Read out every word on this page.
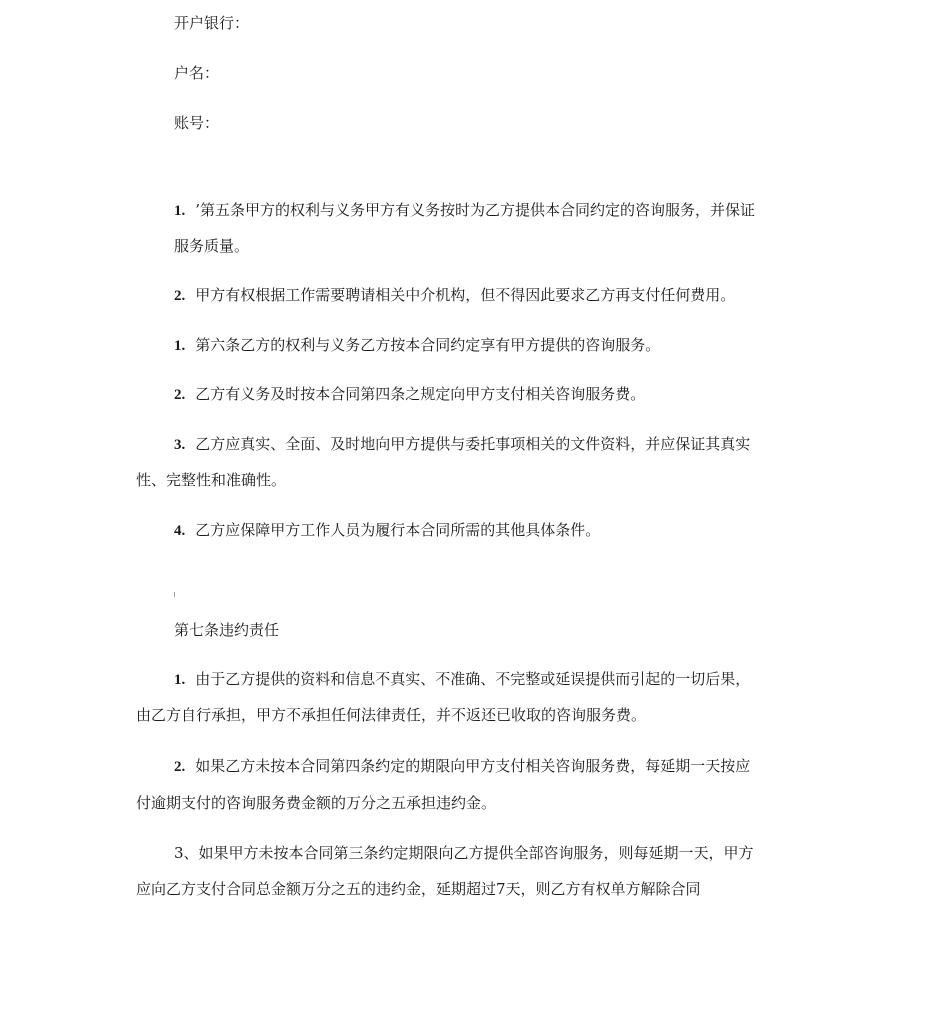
开户银行：
户名：
账号：
1. ’第五条甲方的权利与义务甲方有义务按时为乙方提供本合同约定的咨询服务，并保证
服务质量。
2. 甲方有权根据工作需要聘请相关中介机构，但不得因此要求乙方再支付任何费用。
1. 第六条乙方的权利与义务乙方按本合同约定享有甲方提供的咨询服务。
2. 乙方有义务及时按本合同第四条之规定向甲方支付相关咨询服务费。
3. 乙方应真实、全面、及时地向甲方提供与委托事项相关的文件资料，并应保证其真实
性、完整性和准确性。
4. 乙方应保障甲方工作人员为履行本合同所需的其他具体条件。
第七条违约责任
1. 由于乙方提供的资料和信息不真实、不准确、不完整或延误提供而引起的一切后果，
由乙方自行承担，甲方不承担任何法律责任，并不返还已收取的咨询服务费。
2. 如果乙方未按本合同第四条约定的期限向甲方支付相关咨询服务费，每延期一天按应
付逾期支付的咨询服务费金额的万分之五承担违约金。
3、如果甲方未按本合同第三条约定期限向乙方提供全部咨询服务，则每延期一天，甲方
应向乙方支付合同总金额万分之五的违约金，延期超过7天，则乙方有权单方解除合同
